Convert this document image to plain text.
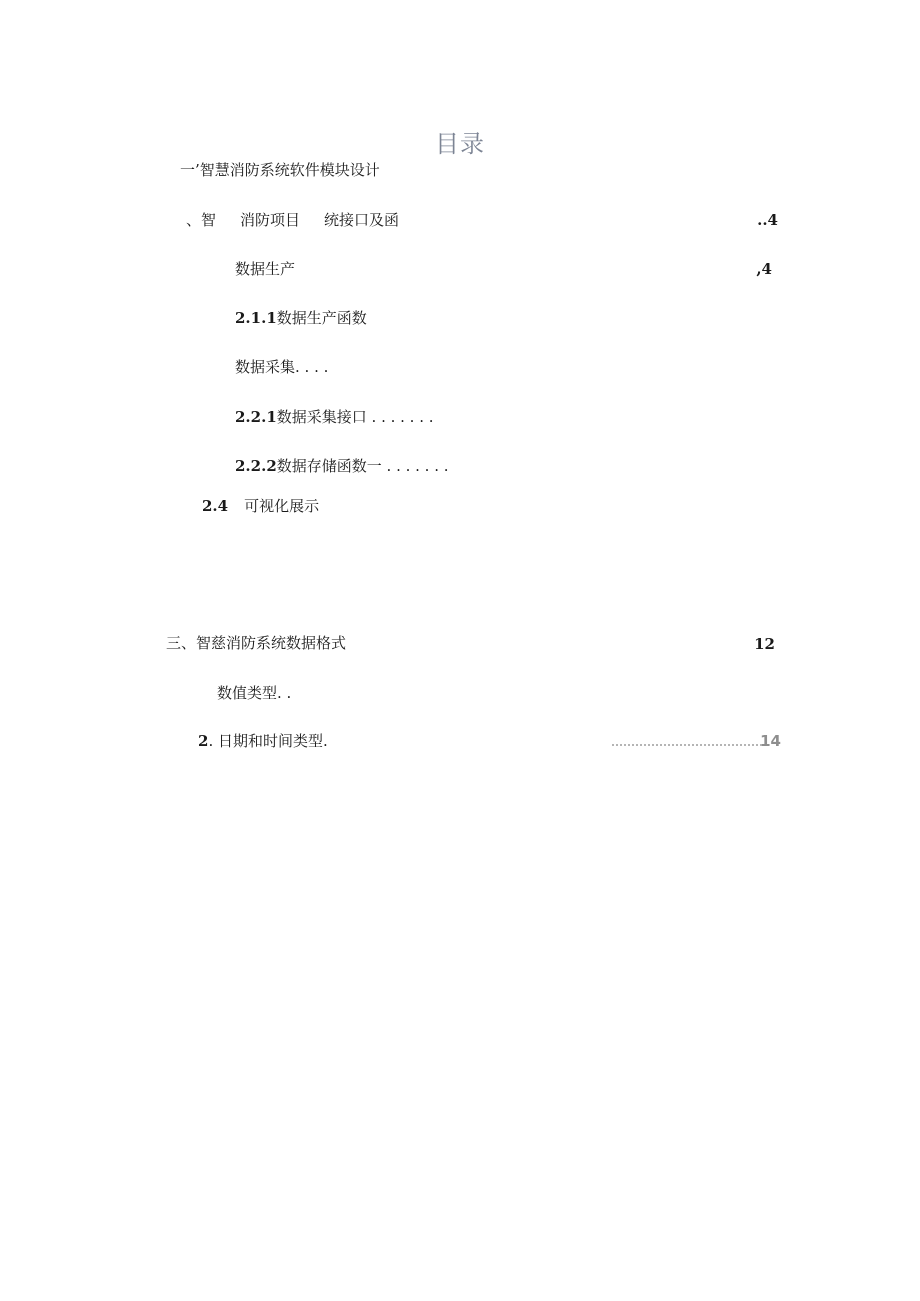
目录
一’智慧消防系统软件模块设计
、智 消防项目 统接口及函	..4
数据生产	,4
2.1.1数据生产函数
数据采集. . . .
2.2.1数据采集接口 . . . . . . .
2.2.2数据存储函数一 . . . . . . .
2.4 可视化展示
三、智慈消防系统数据格式	12
数值类型. .
2. 日期和时间类型.	14
